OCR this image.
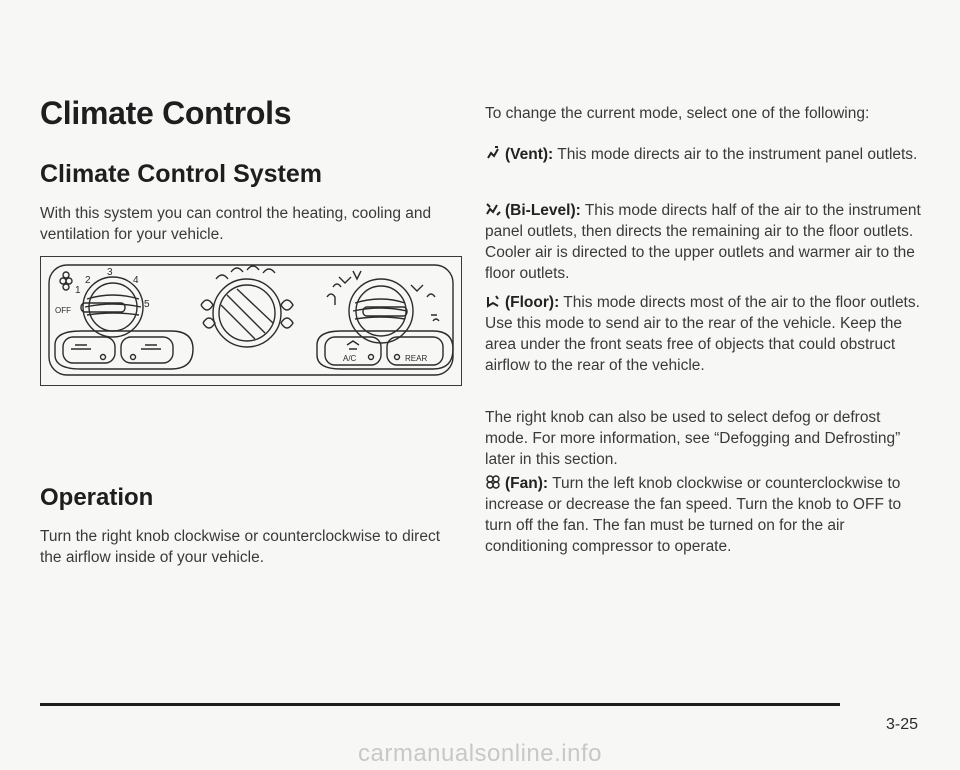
Climate Controls
Climate Control System

With this system you can control the heating, cooling and ventilation for your vehicle.

2
3
4
1
5
OFF
A/C	REAR
Operation

Turn the right knob clockwise or counterclockwise to direct the airflow inside of your vehicle.

To change the current mode, select one of the following:

(Vent): This mode directs air to the instrument panel outlets.

(Bi-Level): This mode directs half of the air to the instrument panel outlets, then directs the remaining air to the floor outlets. Cooler air is directed to the upper outlets and warmer air to the floor outlets.

(Floor): This mode directs most of the air to the floor outlets. Use this mode to send air to the rear of the vehicle. Keep the area under the front seats free of objects that could obstruct airflow to the rear of the vehicle.

The right knob can also be used to select defog or defrost mode. For more information, see “Defogging and Defrosting” later in this section.

(Fan): Turn the left knob clockwise or counterclockwise to increase or decrease the fan speed. Turn the knob to OFF to turn off the fan. The fan must be turned on for the air conditioning compressor to operate.

3-25
carmanualsonline.info
